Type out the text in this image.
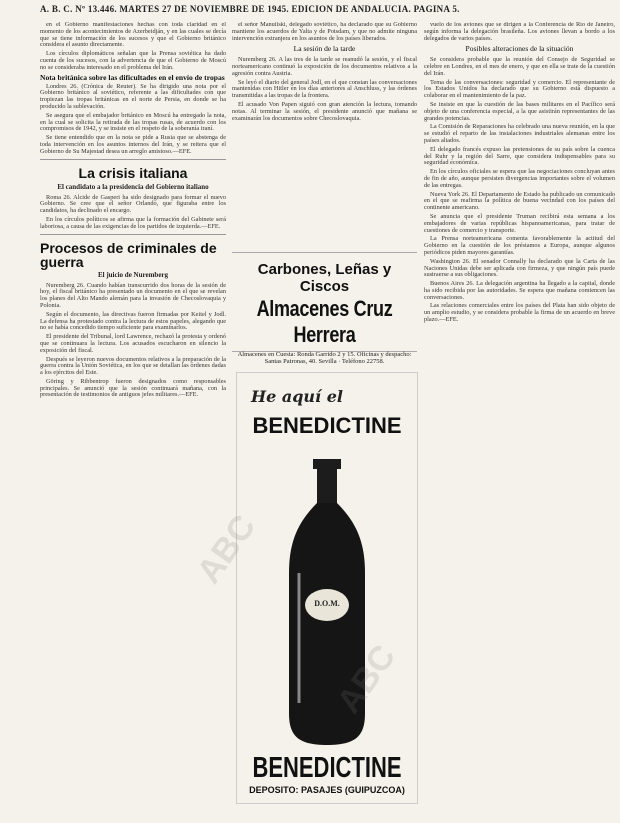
A. B. C. Nº 13.446. MARTES 27 DE NOVIEMBRE DE 1945. EDICION DE ANDALUCIA. PAGINA 5.

en el Gobierno manifestaciones hechas con toda claridad en el momento de los acontecimientos de Azerbeidján, y en las cuales se decía que se tiene información de los sucesos y que el Gobierno británico considera el asunto directamente.

Los círculos diplomáticos señalan que la Prensa soviética ha dado cuenta de los sucesos, con la advertencia de que el Gobierno de Moscú no se consideraba interesado en el problema del Irán.

Nota británica sobre las dificultades en el envío de tropas

Londres 26. (Crónica de Reuter). Se ha dirigido una nota por el Gobierno británico al soviético, referente a las dificultades con que tropiezan las tropas británicas en el norte de Persia, en donde se ha producido la sublevación.

Se asegura que el embajador británico en Moscú ha entregado la nota, en la cual se solicita la retirada de las tropas rusas, de acuerdo con los compromisos de 1942, y se insiste en el respeto de la soberanía iraní.

Se tiene entendido que en la nota se pide a Rusia que se abstenga de toda intervención en los asuntos internos del Irán, y se reitera que el Gobierno de Su Majestad desea un arreglo amistoso.—EFE.

La crisis italiana
El candidato a la presidencia del Gobierno italiano

Roma 26. Alcide de Gasperi ha sido designado para formar el nuevo Gobierno. Se cree que el señor Orlando, que figuraba entre los candidatos, ha declinado el encargo.

En los círculos políticos se afirma que la formación del Gabinete será laboriosa, a causa de las exigencias de los partidos de izquierda.—EFE.

Procesos de criminales de guerra
El juicio de Nuremberg

Nuremberg 26. Cuando habían transcurrido dos horas de la sesión de hoy, el fiscal británico ha presentado un documento en el que se revelan los planes del Alto Mando alemán para la invasión de Checoslovaquia y Polonia.

Según el documento, las directivas fueron firmadas por Keitel y Jodl. La defensa ha protestado contra la lectura de estos papeles, alegando que no se había concedido tiempo suficiente para examinarlos.

El presidente del Tribunal, lord Lawrence, rechazó la protesta y ordenó que se continuara la lectura. Los acusados escucharon en silencio la exposición del fiscal.

Después se leyeron nuevos documentos relativos a la preparación de la guerra contra la Unión Soviética, en los que se detallan las órdenes dadas a los ejércitos del Este.

Göring y Ribbentrop fueron designados como responsables principales. Se anunció que la sesión continuará mañana, con la presentación de testimonios de antiguos jefes militares.—EFE.

el señor Manuilski, delegado soviético, ha declarado que su Gobierno mantiene los acuerdos de Yalta y de Potsdam, y que no admite ninguna intervención extranjera en los asuntos de los países liberados.

La sesión de la tarde

Nuremberg 26. A las tres de la tarde se reanudó la sesión, y el fiscal norteamericano continuó la exposición de los documentos relativos a la agresión contra Austria.

Se leyó el diario del general Jodl, en el que constan las conversaciones mantenidas con Hitler en los días anteriores al Anschluss, y las órdenes transmitidas a las tropas de la frontera.

El acusado Von Papen siguió con gran atención la lectura, tomando notas. Al terminar la sesión, el presidente anunció que mañana se examinarán los documentos sobre Checoslovaquia.

Carbones, Leñas y Ciscos
Almacenes Cruz Herrera
Almacenes en Cuesta: Ronda Garrido 2 y 15. Oficinas y despacho: Santas Patronas, 40. Sevilla · Teléfono 22758.
He aquí el
BENEDICTINE
D.O.M.
BENEDICTINE
DEPOSITO: PASAJES (GUIPUZCOA)
ABC
ABC

vuelo de los aviones que se dirigen a la Conferencia de Río de Janeiro, según informa la delegación brasileña. Los aviones llevan a bordo a los delegados de varios países.

Posibles alteraciones de la situación

Se considera probable que la reunión del Consejo de Seguridad se celebre en Londres, en el mes de enero, y que en ella se trate de la cuestión del Irán.

Tema de las conversaciones: seguridad y comercio. El representante de los Estados Unidos ha declarado que su Gobierno está dispuesto a colaborar en el mantenimiento de la paz.

Se insiste en que la cuestión de las bases militares en el Pacífico será objeto de una conferencia especial, a la que asistirán representantes de las grandes potencias.

La Comisión de Reparaciones ha celebrado una nueva reunión, en la que se estudió el reparto de las instalaciones industriales alemanas entre los países aliados.

El delegado francés expuso las pretensiones de su país sobre la cuenca del Ruhr y la región del Sarre, que considera indispensables para su seguridad económica.

En los círculos oficiales se espera que las negociaciones concluyan antes de fin de año, aunque persisten divergencias importantes sobre el volumen de las entregas.

Nueva York 26. El Departamento de Estado ha publicado un comunicado en el que se reafirma la política de buena vecindad con los países del continente americano.

Se anuncia que el presidente Truman recibirá esta semana a los embajadores de varias repúblicas hispanoamericanas, para tratar de cuestiones de comercio y transporte.

La Prensa norteamericana comenta favorablemente la actitud del Gobierno en la cuestión de los préstamos a Europa, aunque algunos periódicos piden mayores garantías.

Washington 26. El senador Connally ha declarado que la Carta de las Naciones Unidas debe ser aplicada con firmeza, y que ningún país puede sustraerse a sus obligaciones.

Buenos Aires 26. La delegación argentina ha llegado a la capital, donde ha sido recibida por las autoridades. Se espera que mañana comiencen las conversaciones.

Las relaciones comerciales entre los países del Plata han sido objeto de un amplio estudio, y se considera probable la firma de un acuerdo en breve plazo.—EFE.
